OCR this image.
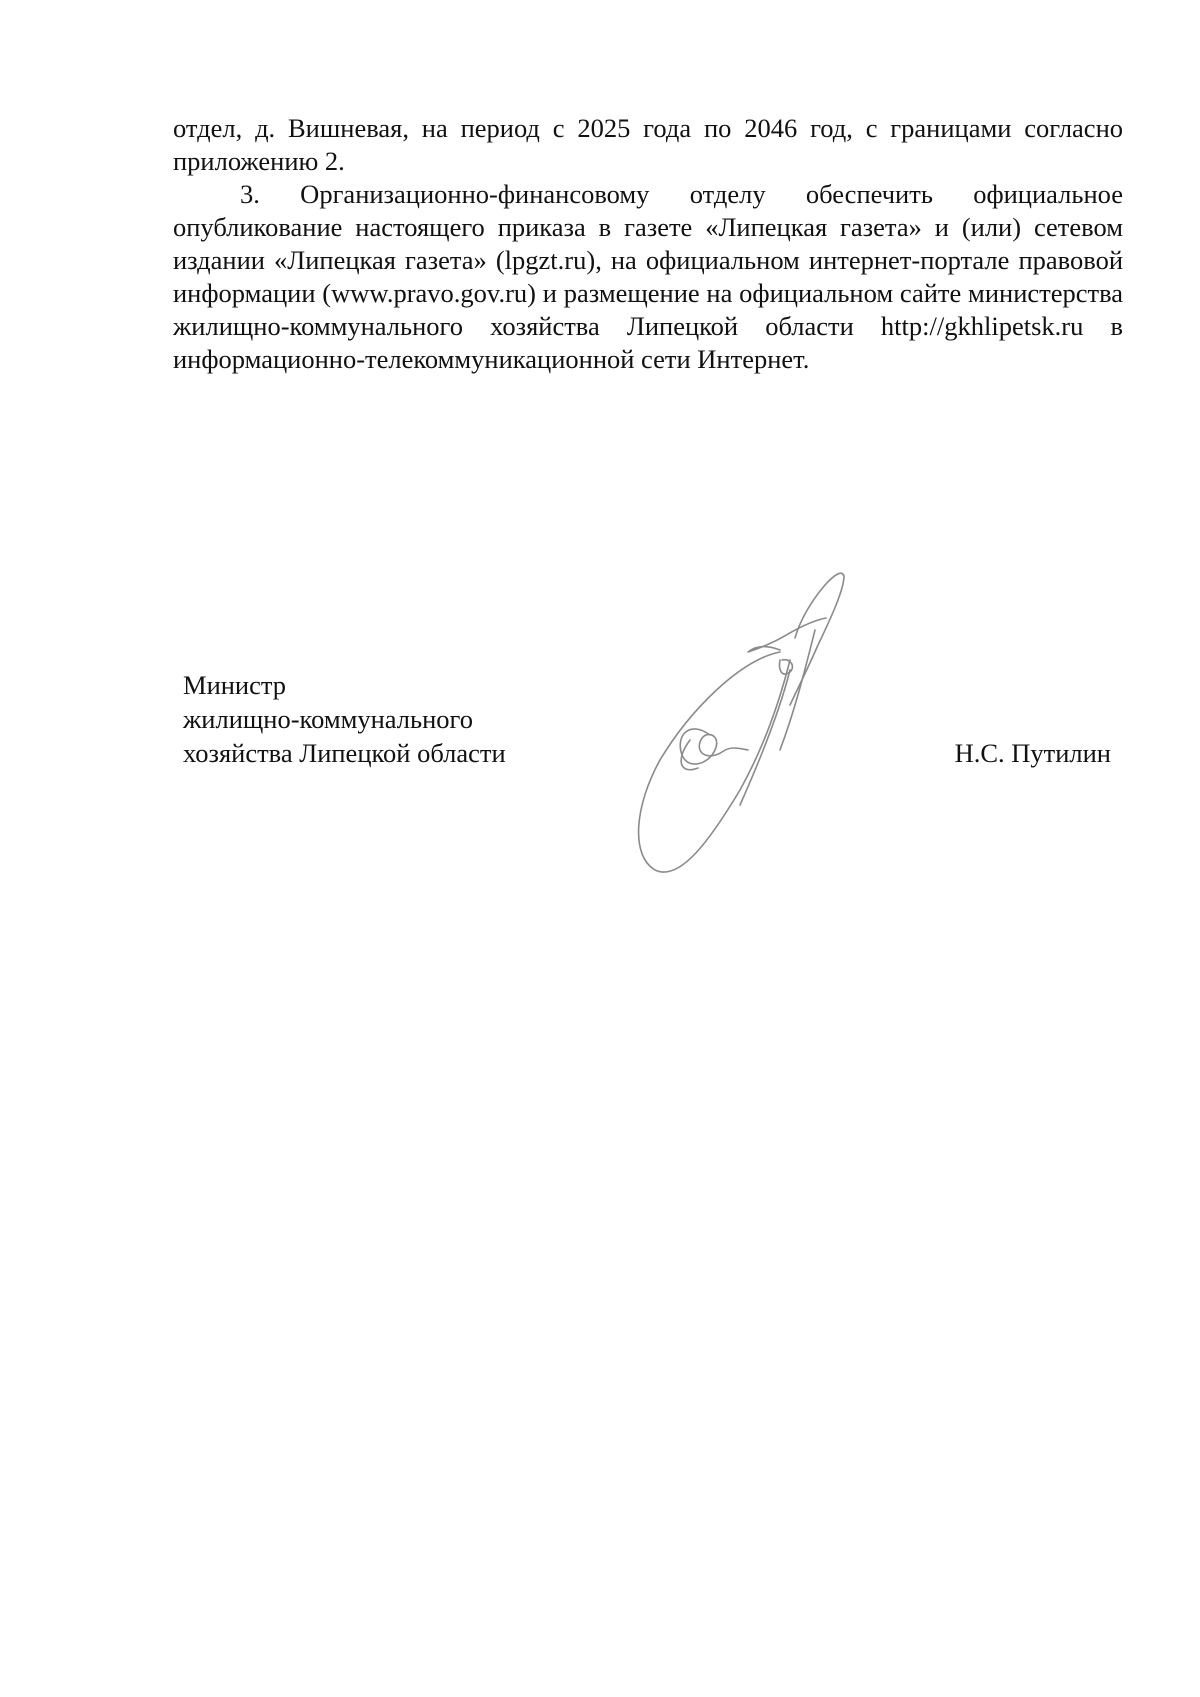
отдел, д. Вишневая, на период с 2025 года по 2046 год, с границами согласно приложению 2.

3. Организационно-финансовому отделу обеспечить официальное опубликование настоящего приказа в газете «Липецкая газета» и (или) сетевом издании «Липецкая газета» (lpgzt.ru), на официальном интернет-портале правовой информации (www.pravo.gov.ru) и размещение на официальном сайте министерства жилищно-коммунального хозяйства Липецкой области http://gkhlipetsk.ru в информационно-телекоммуникационной сети Интернет.

Министр
жилищно-коммунального
хозяйства Липецкой области	Н.С. Путилин
